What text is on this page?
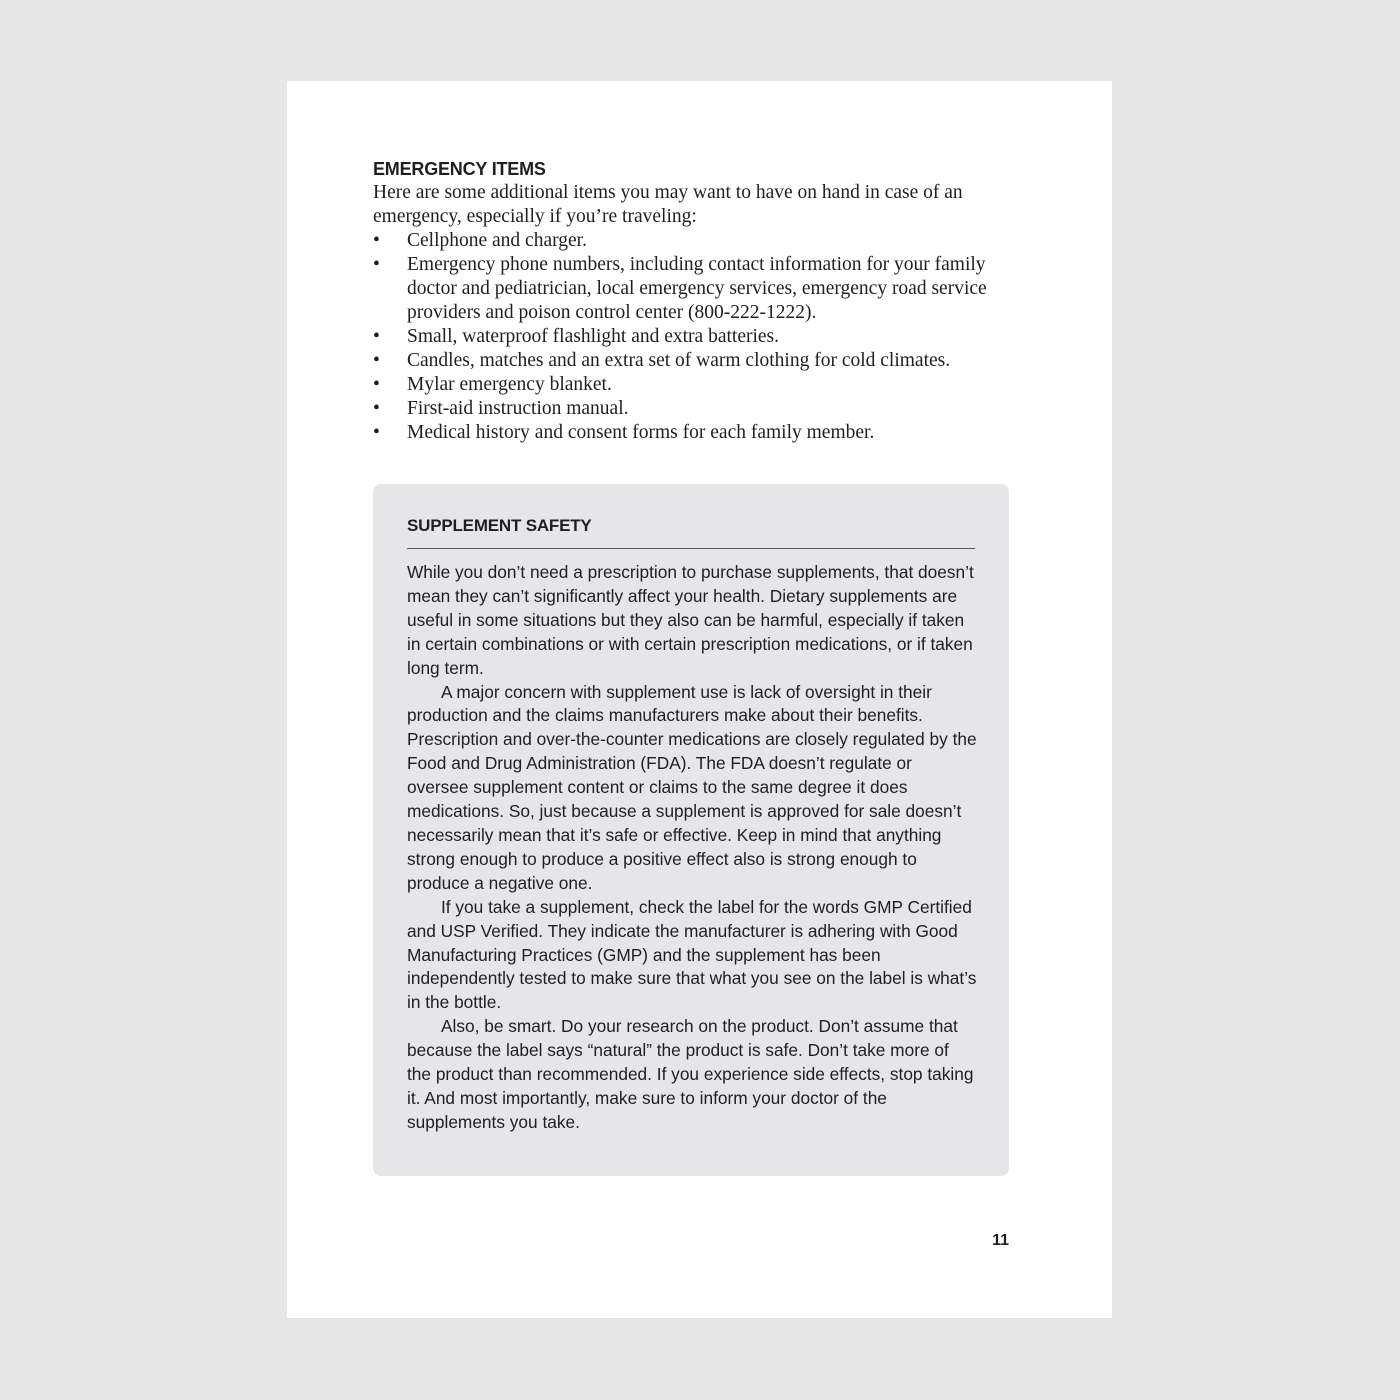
EMERGENCY ITEMS

Here are some additional items you may want to have on hand in case of an emergency, especially if you’re traveling:

• Cellphone and charger.
• Emergency phone numbers, including contact information for your family doctor and pediatrician, local emergency services, emergency road service providers and poison control center (800-222-1222).
• Small, waterproof flashlight and extra batteries.
• Candles, matches and an extra set of warm clothing for cold climates.
• Mylar emergency blanket.
• First-aid instruction manual.
• Medical history and consent forms for each family member.
SUPPLEMENT SAFETY

While you don’t need a prescription to purchase supplements, that doesn’t mean they can’t significantly affect your health. Dietary supplements are useful in some situations but they also can be harmful, especially if taken in certain combinations or with certain prescription medications, or if taken long term.

A major concern with supplement use is lack of oversight in their production and the claims manufacturers make about their benefits. Prescription and over-the-counter medications are closely regulated by the Food and Drug Administration (FDA). The FDA doesn’t regulate or oversee supplement content or claims to the same degree it does medications. So, just because a supplement is approved for sale doesn’t necessarily mean that it’s safe or effective. Keep in mind that anything strong enough to produce a positive effect also is strong enough to produce a negative one.

If you take a supplement, check the label for the words GMP Certified and USP Verified. They indicate the manufacturer is adhering with Good Manufacturing Practices (GMP) and the supplement has been independently tested to make sure that what you see on the label is what’s in the bottle.

Also, be smart. Do your research on the product. Don’t assume that because the label says “natural” the product is safe. Don’t take more of the product than recommended. If you experience side effects, stop taking it. And most importantly, make sure to inform your doctor of the supplements you take.

11
